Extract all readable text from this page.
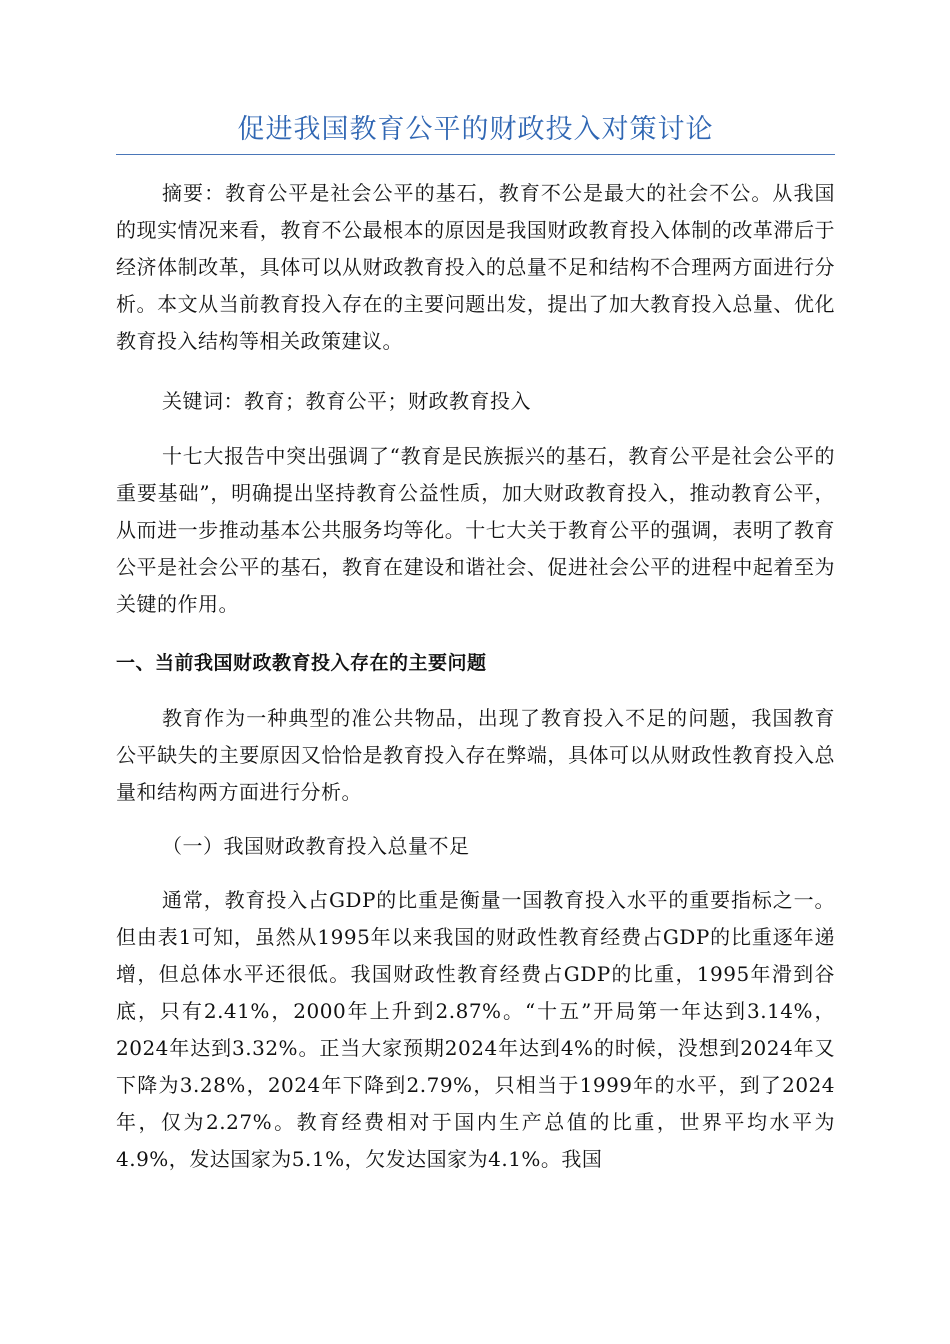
促进我国教育公平的财政投入对策讨论

摘要：教育公平是社会公平的基石，教育不公是最大的社会不公。从我国的现实情况来看，教育不公最根本的原因是我国财政教育投入体制的改革滞后于经济体制改革，具体可以从财政教育投入的总量不足和结构不合理两方面进行分析。本文从当前教育投入存在的主要问题出发，提出了加大教育投入总量、优化教育投入结构等相关政策建议。

关键词：教育；教育公平；财政教育投入

十七大报告中突出强调了“教育是民族振兴的基石，教育公平是社会公平的重要基础”，明确提出坚持教育公益性质，加大财政教育投入，推动教育公平，从而进一步推动基本公共服务均等化。十七大关于教育公平的强调，表明了教育公平是社会公平的基石，教育在建设和谐社会、促进社会公平的进程中起着至为关键的作用。

一、当前我国财政教育投入存在的主要问题

教育作为一种典型的准公共物品，出现了教育投入不足的问题，我国教育公平缺失的主要原因又恰恰是教育投入存在弊端，具体可以从财政性教育投入总量和结构两方面进行分析。

（一）我国财政教育投入总量不足

通常，教育投入占GDP的比重是衡量一国教育投入水平的重要指标之一。但由表1可知，虽然从1995年以来我国的财政性教育经费占GDP的比重逐年递增，但总体水平还很低。我国财政性教育经费占GDP的比重，1995年滑到谷底，只有2.41%，2000年上升到2.87%。“十五”开局第一年达到3.14%，2024年达到3.32%。正当大家预期2024年达到4%的时候，没想到2024年又下降为3.28%，2024年下降到2.79%，只相当于1999年的水平，到了2024年，仅为2.27%。教育经费相对于国内生产总值的比重，世界平均水平为4.9%，发达国家为5.1%，欠发达国家为4.1%。我国
